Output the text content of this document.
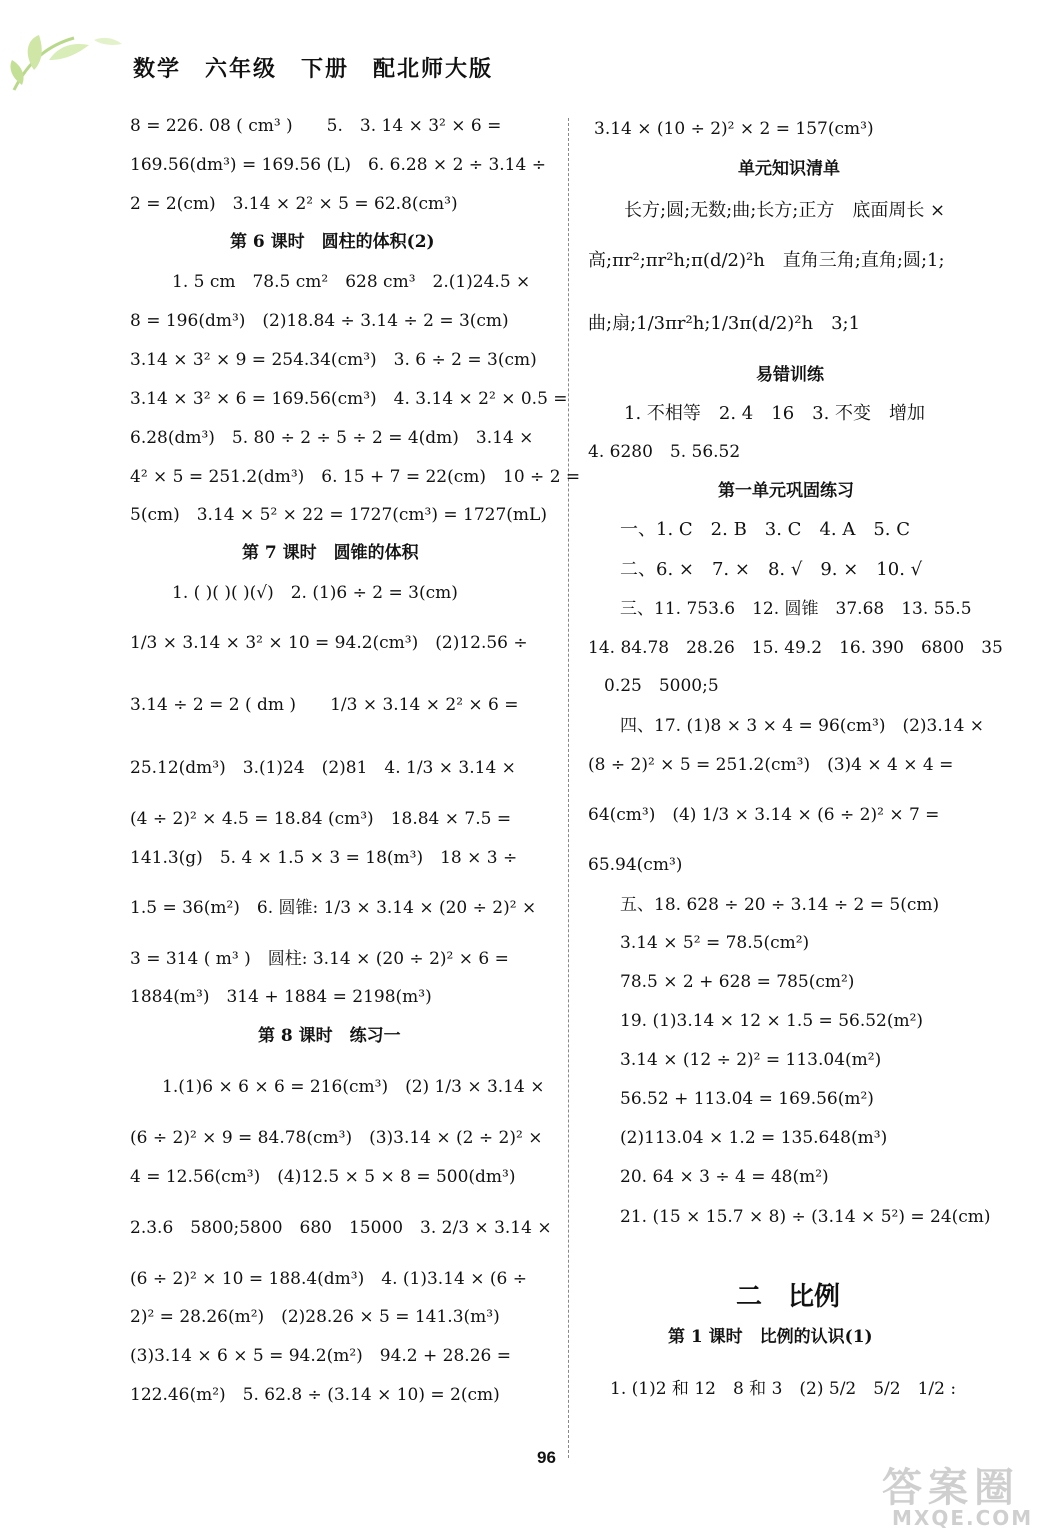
数学　六年级　下册　配北师大版
8 = 226. 08 ( cm³ )　　5.　3. 14 × 3² × 6 =
169.56(dm³) = 169.56 (L)　6. 6.28 × 2 ÷ 3.14 ÷
2 = 2(cm)　3.14 × 2² × 5 = 62.8(cm³)
第 6 课时　圆柱的体积(2)
1. 5 cm　78.5 cm²　628 cm³　2.(1)24.5 ×
8 = 196(dm³)　(2)18.84 ÷ 3.14 ÷ 2 = 3(cm)
3.14 × 3² × 9 = 254.34(cm³)　3. 6 ÷ 2 = 3(cm)
3.14 × 3² × 6 = 169.56(cm³)　4. 3.14 × 2² × 0.5 =
6.28(dm³)　5. 80 ÷ 2 ÷ 5 ÷ 2 = 4(dm)　3.14 ×
4² × 5 = 251.2(dm³)　6. 15 + 7 = 22(cm)　10 ÷ 2 =
5(cm)　3.14 × 5² × 22 = 1727(cm³) = 1727(mL)
第 7 课时　圆锥的体积
1. ( )( )( )(√)　2. (1)6 ÷ 2 = 3(cm)
1/3 × 3.14 × 3² × 10 = 94.2(cm³)　(2)12.56 ÷
3.14 ÷ 2 = 2 ( dm )　　1/3 × 3.14 × 2² × 6 =
25.12(dm³)　3.(1)24　(2)81　4. 1/3 × 3.14 ×
(4 ÷ 2)² × 4.5 = 18.84 (cm³)　18.84 × 7.5 =
141.3(g)　5. 4 × 1.5 × 3 = 18(m³)　18 × 3 ÷
1.5 = 36(m²)　6. 圆锥: 1/3 × 3.14 × (20 ÷ 2)² ×
3 = 314 ( m³ )　圆柱: 3.14 × (20 ÷ 2)² × 6 =
1884(m³)　314 + 1884 = 2198(m³)
第 8 课时　练习一
1.(1)6 × 6 × 6 = 216(cm³)　(2) 1/3 × 3.14 ×
(6 ÷ 2)² × 9 = 84.78(cm³)　(3)3.14 × (2 ÷ 2)² ×
4 = 12.56(cm³)　(4)12.5 × 5 × 8 = 500(dm³)
2.3.6　5800;5800　680　15000　3. 2/3 × 3.14 ×
(6 ÷ 2)² × 10 = 188.4(dm³)　4. (1)3.14 × (6 ÷
2)² = 28.26(m²)　(2)28.26 × 5 = 141.3(m³)
(3)3.14 × 6 × 5 = 94.2(m²)　94.2 + 28.26 =
122.46(m²)　5. 62.8 ÷ (3.14 × 10) = 2(cm)
3.14 × (10 ÷ 2)² × 2 = 157(cm³)
单元知识清单
长方;圆;无数;曲;长方;正方　底面周长 ×
高;πr²;πr²h;π(d/2)²h　直角三角;直角;圆;1;
曲;扇;1/3πr²h;1/3π(d/2)²h　3;1
易错训练
1. 不相等　2. 4　16　3. 不变　增加
4. 6280　5. 56.52
第一单元巩固练习
一、1. C　2. B　3. C　4. A　5. C
二、6. ×　7. ×　8. √　9. ×　10. √
三、11. 753.6　12. 圆锥　37.68　13. 55.5
14. 84.78　28.26　15. 49.2　16. 390　6800　35
0.25　5000;5
四、17. (1)8 × 3 × 4 = 96(cm³)　(2)3.14 ×
(8 ÷ 2)² × 5 = 251.2(cm³)　(3)4 × 4 × 4 =
64(cm³)　(4) 1/3 × 3.14 × (6 ÷ 2)² × 7 =
65.94(cm³)
五、18. 628 ÷ 20 ÷ 3.14 ÷ 2 = 5(cm)
3.14 × 5² = 78.5(cm²)
78.5 × 2 + 628 = 785(cm²)
19. (1)3.14 × 12 × 1.5 = 56.52(m²)
3.14 × (12 ÷ 2)² = 113.04(m²)
56.52 + 113.04 = 169.56(m²)
(2)113.04 × 1.2 = 135.648(m³)
20. 64 × 3 ÷ 4 = 48(m²)
21. (15 × 15.7 × 8) ÷ (3.14 × 5²) = 24(cm)
二　比例
第 1 课时　比例的认识(1)
1. (1)2 和 12　8 和 3　(2) 5/2　5/2　1/2 :
96
答案圈
MXQE.COM
